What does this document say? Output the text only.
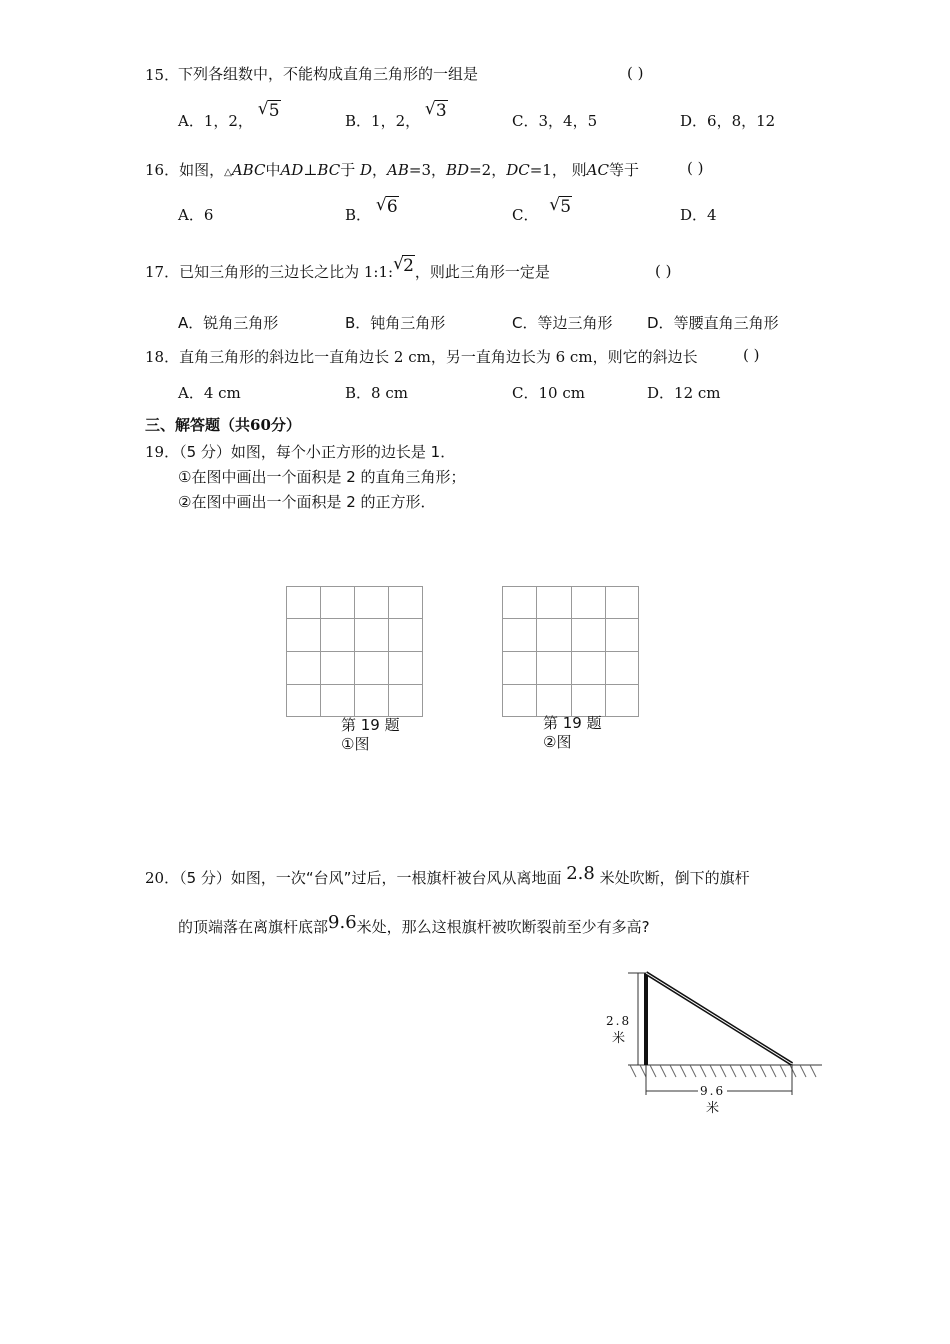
15．
下列各组数中，不能构成直角三角形的一组是	( )
A．1，2，
√ 5	B．1，2，
√ 3	C．3，4，5	D．6，8，12
16．如图，△ABC中AD⊥BC于 D，AB=3，BD=2，DC=1， 则AC等于	( )
A．6	B． √ 6	C． √ 5	D．4
17．已知三角形的三边长之比为 1:1: √ 2，则此三角形一定是	( )
A．锐角三角形	B．钝角三角形	C．等边三角形 D．等腰直角三角形
18．直角三角形的斜边比一直角边长 2 cm，另一直角边长为 6 cm，则它的斜边长	( )
A．4 cm	B．8 cm	C．10 cm	D．12 cm
三、解答题（共60分）
19．（5 分）如图，每个小正方形的边长是 1．
①在图中画出一个面积是 2 的直角三角形；
②在图中画出一个面积是 2 的正方形．
第 19 题
①图
第 19 题
②图
20．（5 分）如图，一次“台风”过后，一根旗杆被台风从离地面 2.8 米处吹断，倒下的旗杆
的顶端落在离旗杆底部9.6米处，那么这根旗杆被吹断裂前至少有多高?
2.8
米
9.6
米
